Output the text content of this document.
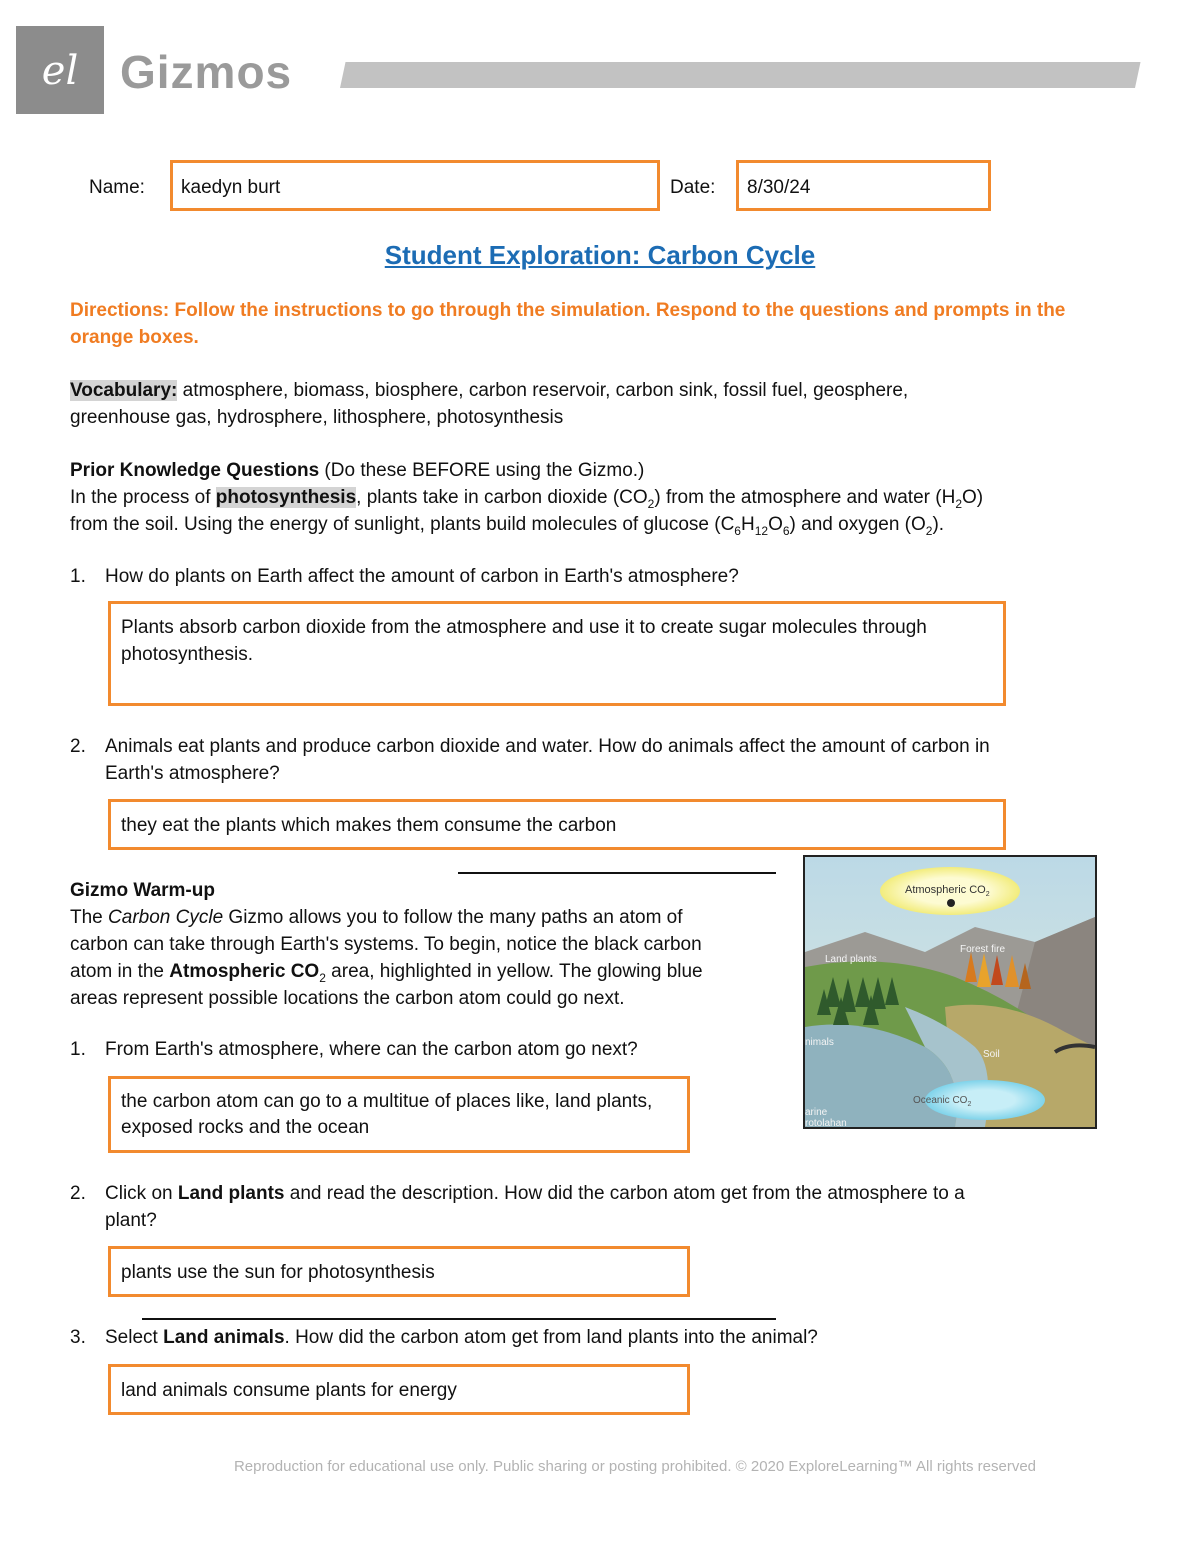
el Gizmos
Name:	kaedyn burt	Date:	8/30/24
Student Exploration: Carbon Cycle
Directions: Follow the instructions to go through the simulation. Respond to the questions and prompts in the orange boxes.
Vocabulary: atmosphere, biomass, biosphere, carbon reservoir, carbon sink, fossil fuel, geosphere,
greenhouse gas, hydrosphere, lithosphere, photosynthesis
Prior Knowledge Questions (Do these BEFORE using the Gizmo.)
In the process of photosynthesis, plants take in carbon dioxide $(CO_2)$ from the atmosphere and water $(H_2O)$
from the soil. Using the energy of sunlight, plants build molecules of glucose $(C_6H_{12}O_6)$ and oxygen $(O_2)$.
1. How do plants on Earth affect the amount of carbon in Earth's atmosphere?
Plants absorb carbon dioxide from the atmosphere and use it to create sugar molecules through photosynthesis.
2. Animals eat plants and produce carbon dioxide and water. How do animals affect the amount of carbon in
Earth's atmosphere?
they eat the plants which makes them consume the carbon
Gizmo Warm-up
The Carbon Cycle Gizmo allows you to follow the many paths an atom of
carbon can take through Earth's systems. To begin, notice the black carbon
atom in the Atmospheric $CO_2$ area, highlighted in yellow. The glowing blue
areas represent possible locations the carbon atom could go next.
Atmospheric $CO_2$
Land plants
Forest fire
nimals
Soil
Oceanic $CO_2$
arine
rotolahan
1. From Earth's atmosphere, where can the carbon atom go next?
the carbon atom can go to a multitue of places like, land plants, exposed rocks and the ocean
2. Click on Land plants and read the description. How did the carbon atom get from the atmosphere to a
plant?
plants use the sun for photosynthesis
3. Select Land animals. How did the carbon atom get from land plants into the animal?
land animals consume plants for energy
Reproduction for educational use only. Public sharing or posting prohibited. © 2020 ExploreLearning™ All rights reserved
